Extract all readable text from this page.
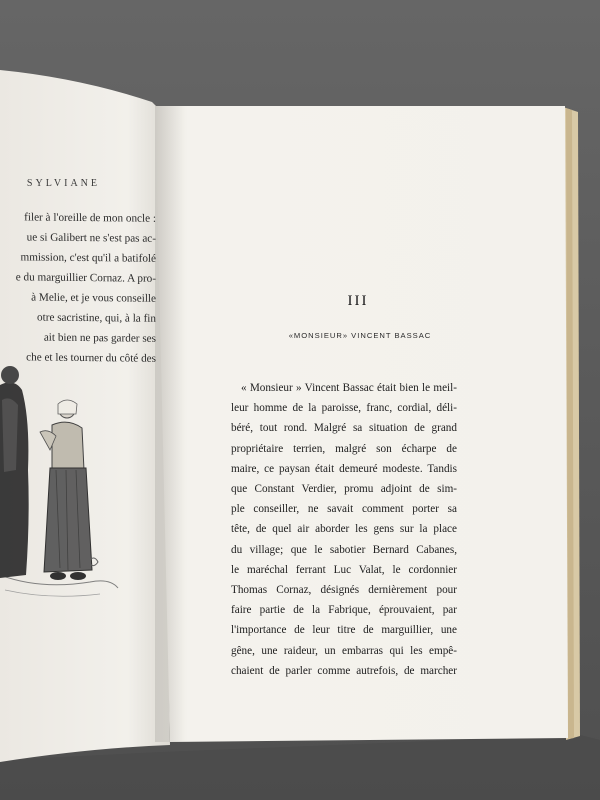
SYLVIANE
filer à l'oreille de mon oncle :
ue si Galibert ne s'est pas ac-
mmission, c'est qu'il a batifolé
e du marguillier Cornaz. A pro-
à Melie, et je vous conseille
otre sacristine, qui, à la fin
ait bien ne pas garder ses
che et les tourner du côté des
III
«MONSIEUR» VINCENT BASSAC
« Monsieur » Vincent Bassac était bien le meil-
leur homme de la paroisse, franc, cordial, déli-
béré, tout rond. Malgré sa situation de grand
propriétaire terrien, malgré son écharpe de
maire, ce paysan était demeuré modeste. Tandis
que Constant Verdier, promu adjoint de sim-
ple conseiller, ne savait comment porter sa
tête, de quel air aborder les gens sur la place
du village; que le sabotier Bernard Cabanes,
le maréchal ferrant Luc Valat, le cordonnier
Thomas Cornaz, désignés dernièrement pour
faire partie de la Fabrique, éprouvaient, par
l'importance de leur titre de marguillier, une
gêne, une raideur, un embarras qui les empê-
chaient de parler comme autrefois, de marcher
